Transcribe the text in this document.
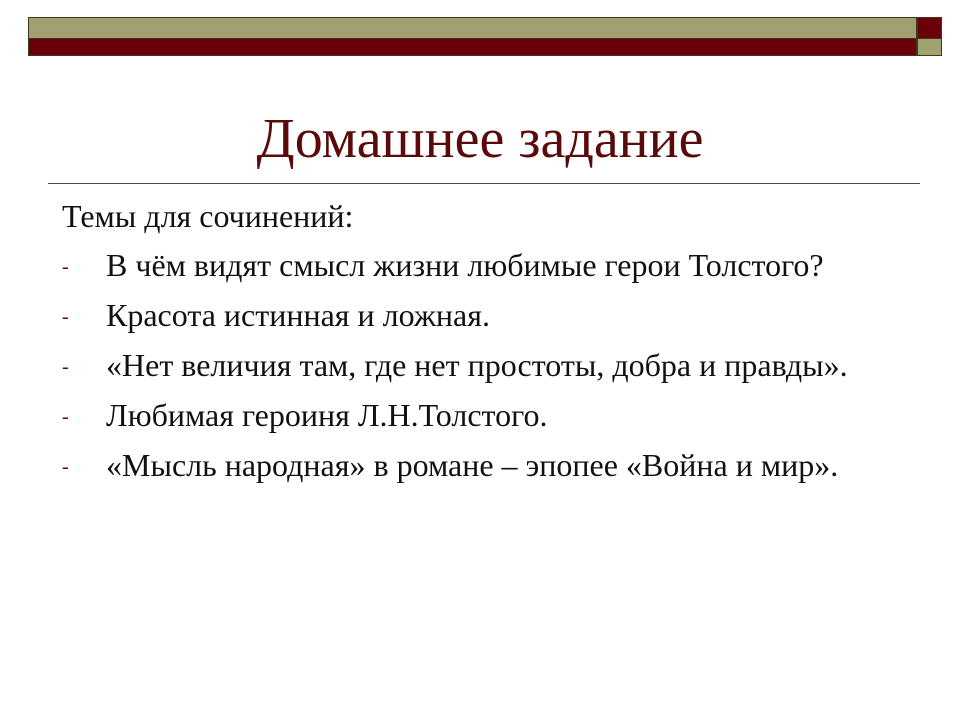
Домашнее задание
Темы для сочинений:
- В чём видят смысл жизни любимые герои Толстого?
- Красота истинная и ложная.
- «Нет величия там, где нет простоты, добра и правды».
- Любимая героиня Л.Н.Толстого.
- «Мысль народная» в романе – эпопее «Война и мир».
